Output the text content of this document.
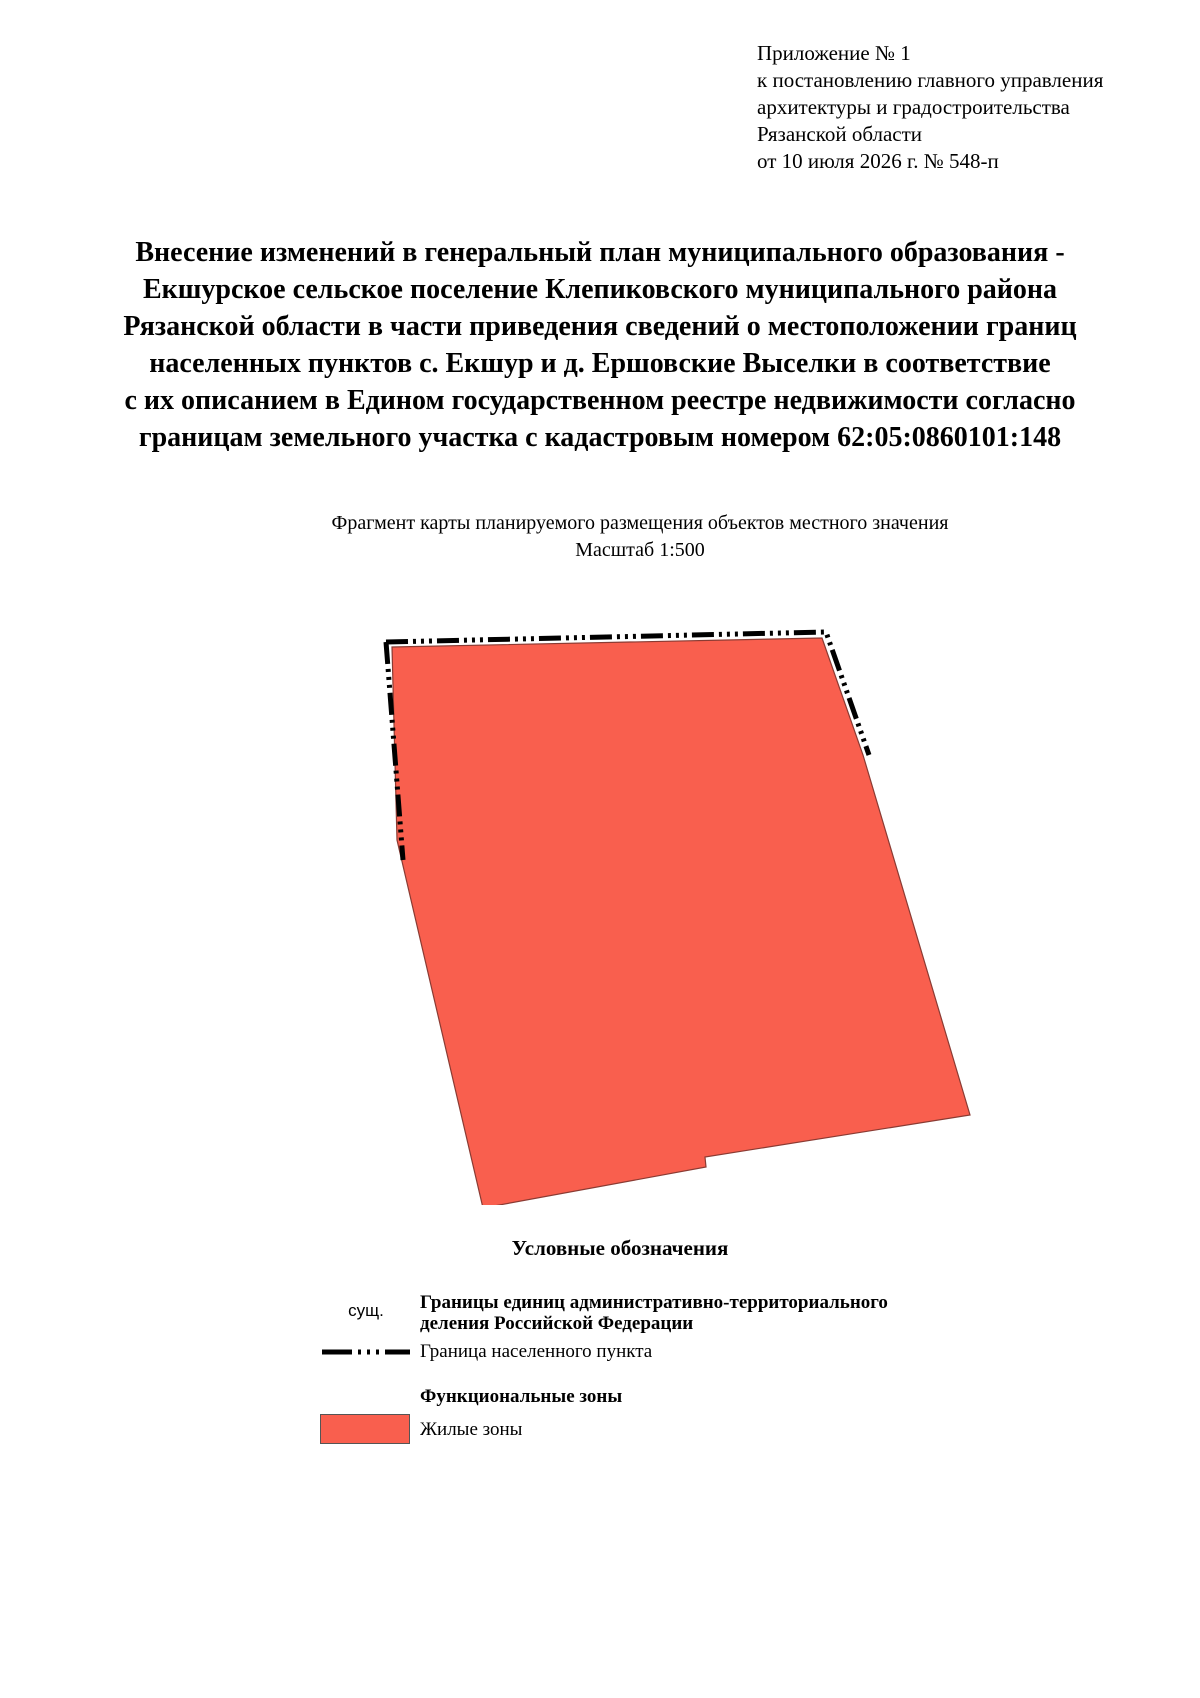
Приложение № 1
к постановлению главного управления
архитектуры и градостроительства
Рязанской области
от 10 июля 2026 г. № 548-п
Внесение изменений в генеральный план муниципального образования -
Екшурское сельское поселение Клепиковского муниципального района
Рязанской области в части приведения сведений о местоположении границ
населенных пунктов с. Екшур и д. Ершовские Выселки в соответствие
с их описанием в Едином государственном реестре недвижимости согласно
границам земельного участка с кадастровым номером 62:05:0860101:148
Фрагмент карты планируемого размещения объектов местного значения
Масштаб 1:500
Условные обозначения
сущ.	Границы единиц административно-территориального
деления Российской Федерации
Граница населенного пункта
Функциональные зоны
Жилые зоны
